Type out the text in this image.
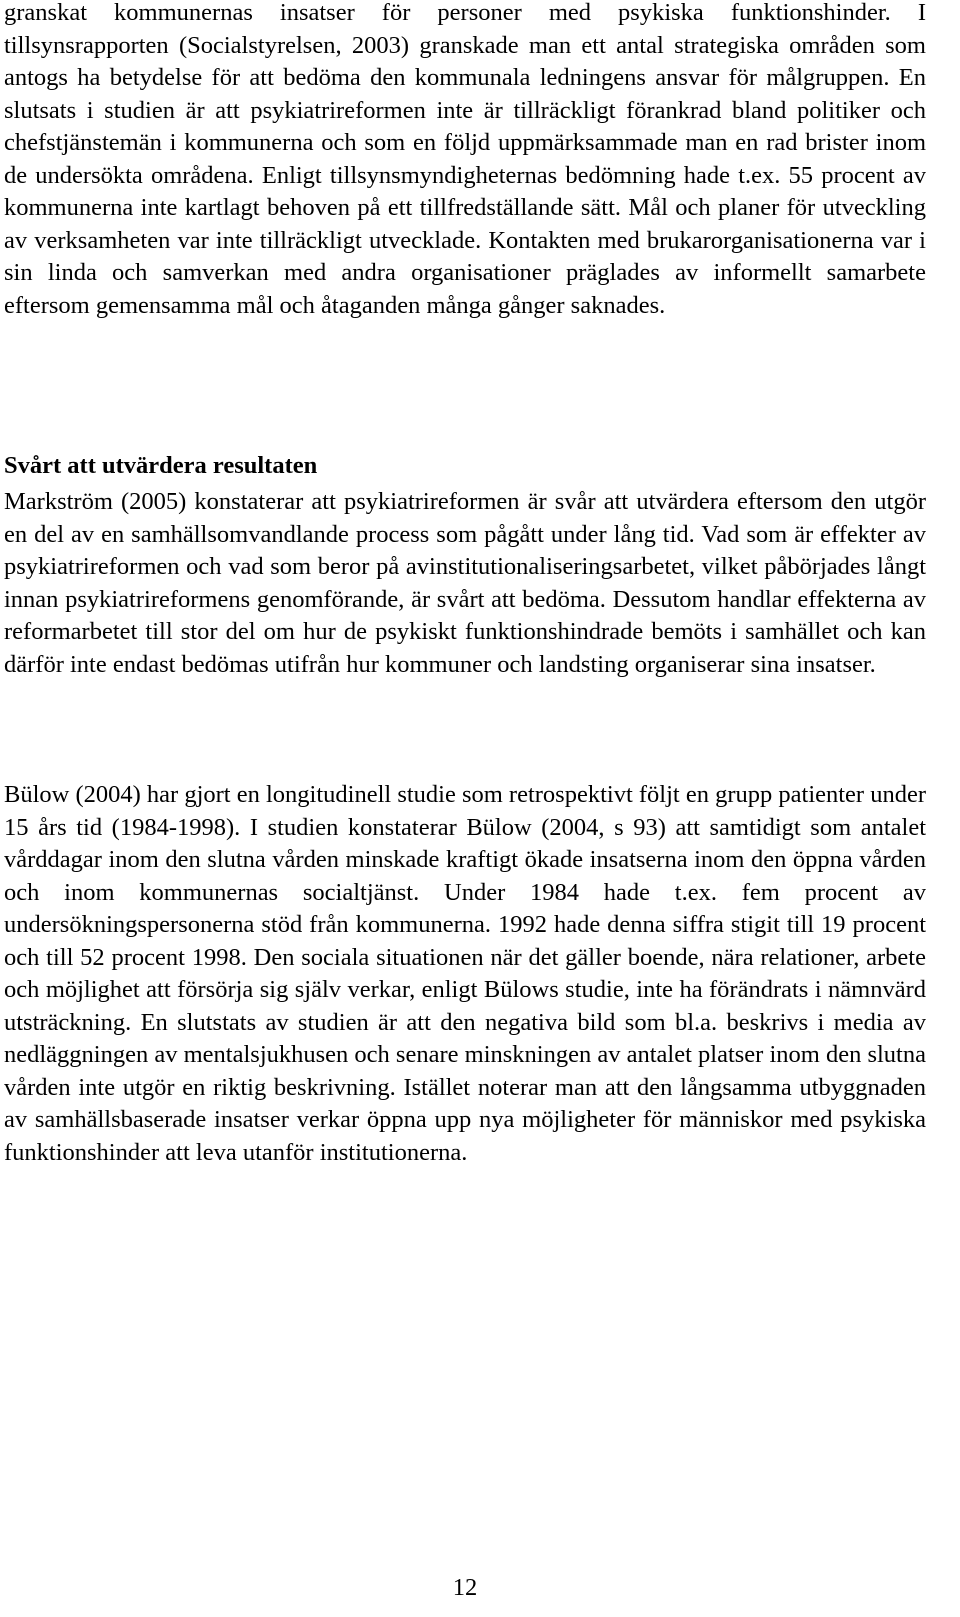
granskat kommunernas insatser för personer med psykiska funktionshinder. I tillsynsrapporten (Socialstyrelsen, 2003) granskade man ett antal strategiska områden som antogs ha betydelse för att bedöma den kommunala ledningens ansvar för målgruppen. En slutsats i studien är att psykiatrireformen inte är tillräckligt förankrad bland politiker och chefstjänstemän i kommunerna och som en följd uppmärksammade man en rad brister inom de undersökta områdena. Enligt tillsynsmyndigheternas bedömning hade t.ex. 55 procent av kommunerna inte kartlagt behoven på ett tillfredställande sätt. Mål och planer för utveckling av verksamheten var inte tillräckligt utvecklade. Kontakten med brukarorganisationerna var i sin linda och samverkan med andra organisationer präglades av informellt samarbete eftersom gemensamma mål och åtaganden många gånger saknades.

Svårt att utvärdera resultaten

Markström (2005) konstaterar att psykiatrireformen är svår att utvärdera eftersom den utgör en del av en samhällsomvandlande process som pågått under lång tid. Vad som är effekter av psykiatrireformen och vad som beror på avinstitutionaliseringsarbetet, vilket påbörjades långt innan psykiatrireformens genomförande, är svårt att bedöma. Dessutom handlar effekterna av reformarbetet till stor del om hur de psykiskt funktionshindrade bemöts i samhället och kan därför inte endast bedömas utifrån hur kommuner och landsting organiserar sina insatser.

Bülow (2004) har gjort en longitudinell studie som retrospektivt följt en grupp patienter under 15 års tid (1984-1998). I studien konstaterar Bülow (2004, s 93) att samtidigt som antalet vårddagar inom den slutna vården minskade kraftigt ökade insatserna inom den öppna vården och inom kommunernas socialtjänst. Under 1984 hade t.ex. fem procent av undersökningspersonerna stöd från kommunerna. 1992 hade denna siffra stigit till 19 procent och till 52 procent 1998. Den sociala situationen när det gäller boende, nära relationer, arbete och möjlighet att försörja sig själv verkar, enligt Bülows studie, inte ha förändrats i nämnvärd utsträckning. En slutstats av studien är att den negativa bild som bl.a. beskrivs i media av nedläggningen av mentalsjukhusen och senare minskningen av antalet platser inom den slutna vården inte utgör en riktig beskrivning. Istället noterar man att den långsamma utbyggnaden av samhällsbaserade insatser verkar öppna upp nya möjligheter för människor med psykiska funktionshinder att leva utanför institutionerna.

12
